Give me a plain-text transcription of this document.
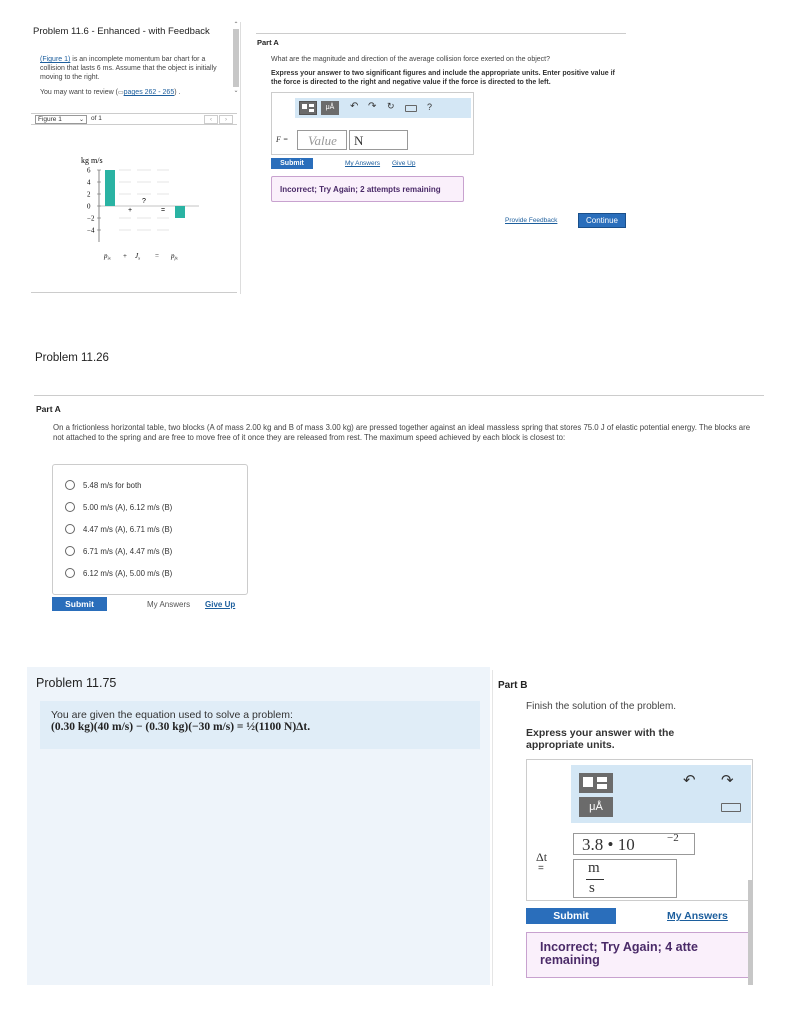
Problem 11.6 - Enhanced - with Feedback
(Figure 1) is an incomplete momentum bar chart for a collision that lasts 6 ms. Assume that the object is initially moving to the right.
You may want to review (▭pages 262 - 265) .
Figure 1	⌄ of 1	‹	›
kg m/s
6
4
2
0
−2
−4
+
?
=
$p_{ix} + J_x = p_{fx}$
⌃
⌄
Part A
What are the magnitude and direction of the average collision force exerted on the object?
Express your answer to two significant figures and include the appropriate units. Enter positive value if the force is directed to the right and negative value if the force is directed to the left.
μÅ	↶ ↷ ↻	?
F = Value N
Submit	My Answers Give Up
Incorrect; Try Again; 2 attempts remaining
Provide Feedback	Continue
Problem 11.26
Part A
On a frictionless horizontal table, two blocks (A of mass 2.00 kg and B of mass 3.00 kg) are pressed together against an ideal massless spring that stores 75.0 J of elastic potential energy. The blocks are not attached to the spring and are free to move free of it once they are released from rest. The maximum speed achieved by each block is closest to:
5.48 m/s for both
5.00 m/s (A), 6.12 m/s (B)
4.47 m/s (A), 6.71 m/s (B)
6.71 m/s (A), 4.47 m/s (B)
6.12 m/s (A), 5.00 m/s (B)
Submit	My Answers Give Up
Problem 11.75
You are given the equation used to solve a problem:
(0.30 kg)(40 m/s) − (0.30 kg)(−30 m/s) = ½(1100 N)Δt.
Part B
Finish the solution of the problem.
Express your answer with the appropriate units.
μÅ
↶ ↷
Δt
=
3.8 • 10	−2
m
s
Submit	My Answers
Incorrect; Try Again; 4 atte remaining
